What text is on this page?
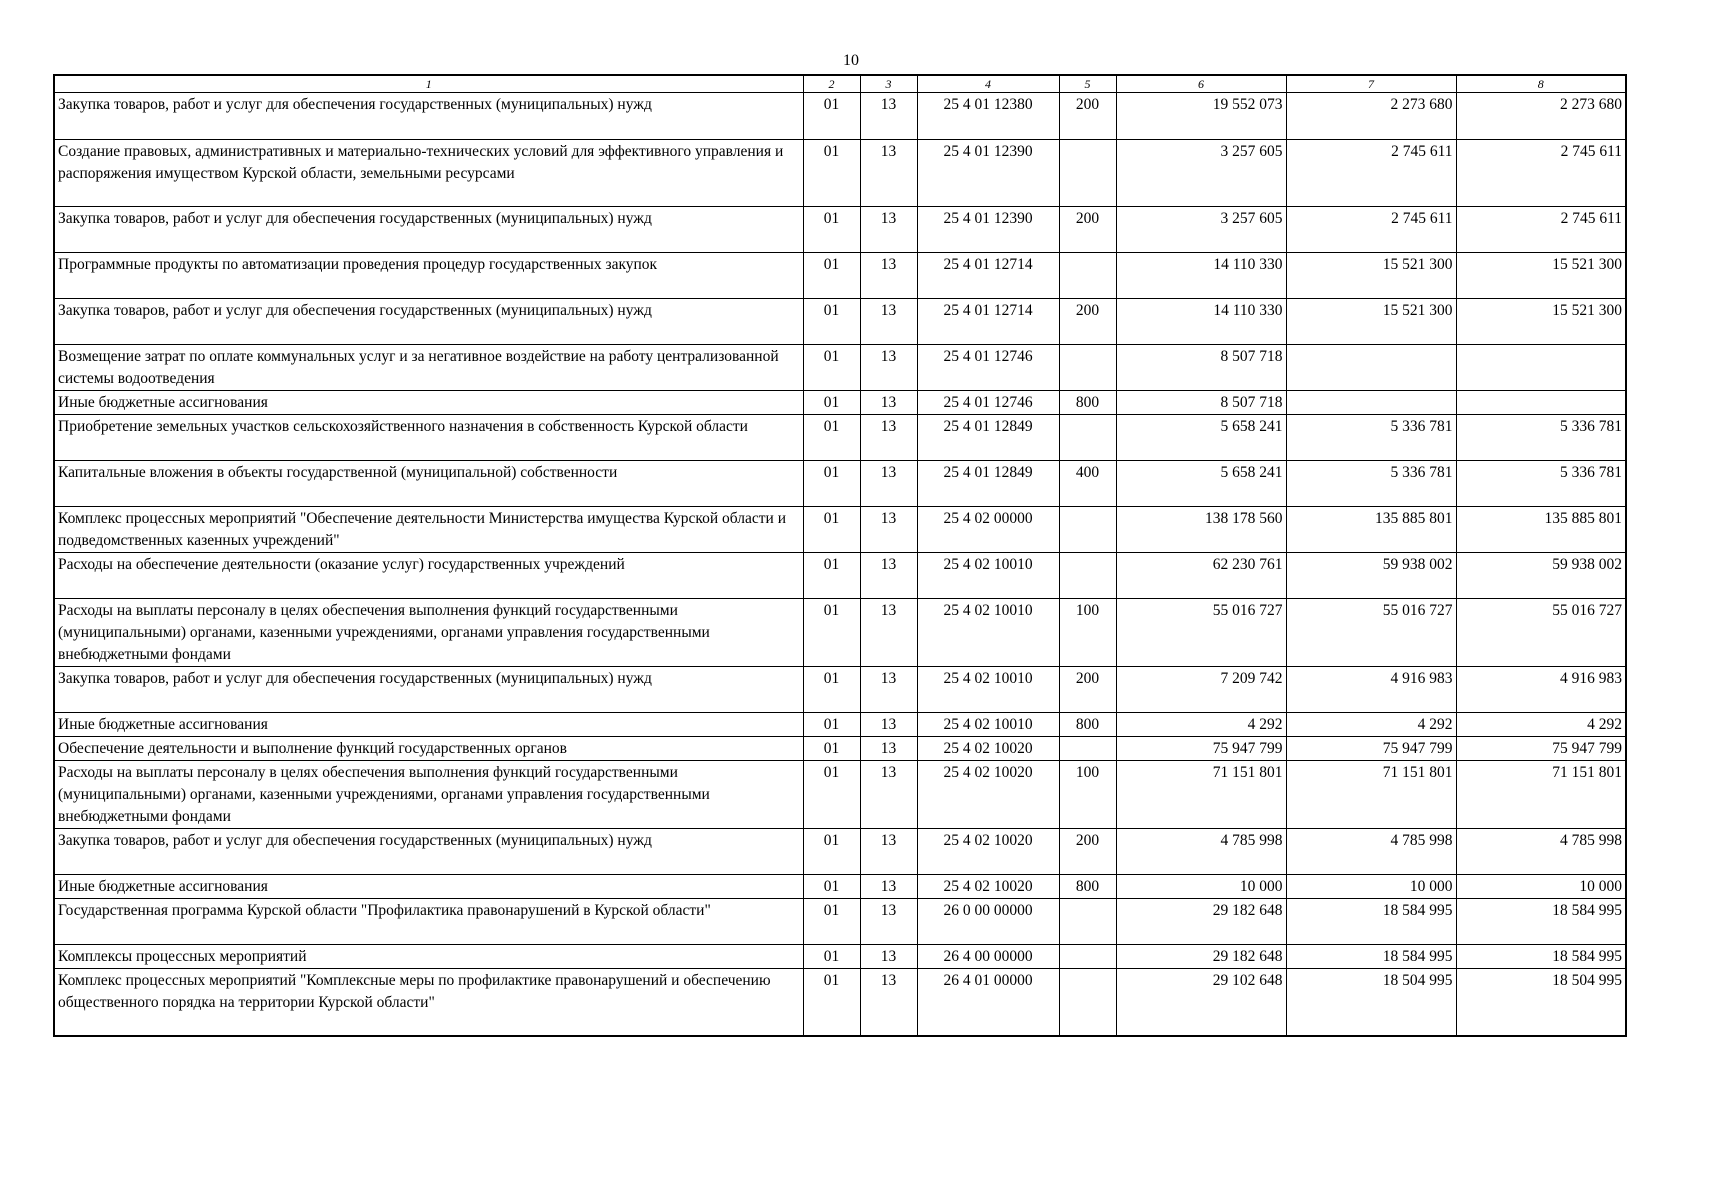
10
1	2	3	4	5	6	7	8
Закупка товаров, работ и услуг для обеспечения государственных (муниципальных) нужд	01	13	25 4 01 12380	200	19 552 073	2 273 680	2 273 680
Создание правовых, административных и материально-технических условий для эффективного управления и распоряжения имуществом Курской области, земельными ресурсами	01	13	25 4 01 12390		3 257 605	2 745 611	2 745 611
Закупка товаров, работ и услуг для обеспечения государственных (муниципальных) нужд	01	13	25 4 01 12390	200	3 257 605	2 745 611	2 745 611
Программные продукты по автоматизации проведения процедур государственных закупок	01	13	25 4 01 12714		14 110 330	15 521 300	15 521 300
Закупка товаров, работ и услуг для обеспечения государственных (муниципальных) нужд	01	13	25 4 01 12714	200	14 110 330	15 521 300	15 521 300
Возмещение затрат по оплате коммунальных услуг и за негативное воздействие на работу централизованной системы водоотведения	01	13	25 4 01 12746		8 507 718		
Иные бюджетные ассигнования	01	13	25 4 01 12746	800	8 507 718		
Приобретение земельных участков сельскохозяйственного назначения в собственность Курской области	01	13	25 4 01 12849		5 658 241	5 336 781	5 336 781
Капитальные вложения в объекты государственной (муниципальной) собственности	01	13	25 4 01 12849	400	5 658 241	5 336 781	5 336 781
Комплекс процессных мероприятий "Обеспечение деятельности Министерства имущества Курской области и подведомственных казенных учреждений"	01	13	25 4 02 00000		138 178 560	135 885 801	135 885 801
Расходы на обеспечение деятельности (оказание услуг) государственных учреждений	01	13	25 4 02 10010		62 230 761	59 938 002	59 938 002
Расходы на выплаты персоналу в целях обеспечения выполнения функций государственными (муниципальными) органами, казенными учреждениями, органами управления государственными внебюджетными фондами	01	13	25 4 02 10010	100	55 016 727	55 016 727	55 016 727
Закупка товаров, работ и услуг для обеспечения государственных (муниципальных) нужд	01	13	25 4 02 10010	200	7 209 742	4 916 983	4 916 983
Иные бюджетные ассигнования	01	13	25 4 02 10010	800	4 292	4 292	4 292
Обеспечение деятельности и выполнение функций государственных органов	01	13	25 4 02 10020		75 947 799	75 947 799	75 947 799
Расходы на выплаты персоналу в целях обеспечения выполнения функций государственными (муниципальными) органами, казенными учреждениями, органами управления государственными внебюджетными фондами	01	13	25 4 02 10020	100	71 151 801	71 151 801	71 151 801
Закупка товаров, работ и услуг для обеспечения государственных (муниципальных) нужд	01	13	25 4 02 10020	200	4 785 998	4 785 998	4 785 998
Иные бюджетные ассигнования	01	13	25 4 02 10020	800	10 000	10 000	10 000
Государственная программа Курской области "Профилактика правонарушений в Курской области"	01	13	26 0 00 00000		29 182 648	18 584 995	18 584 995
Комплексы процессных мероприятий	01	13	26 4 00 00000		29 182 648	18 584 995	18 584 995
Комплекс процессных мероприятий "Комплексные меры по профилактике правонарушений и обеспечению общественного порядка на территории Курской области"	01	13	26 4 01 00000		29 102 648	18 504 995	18 504 995
